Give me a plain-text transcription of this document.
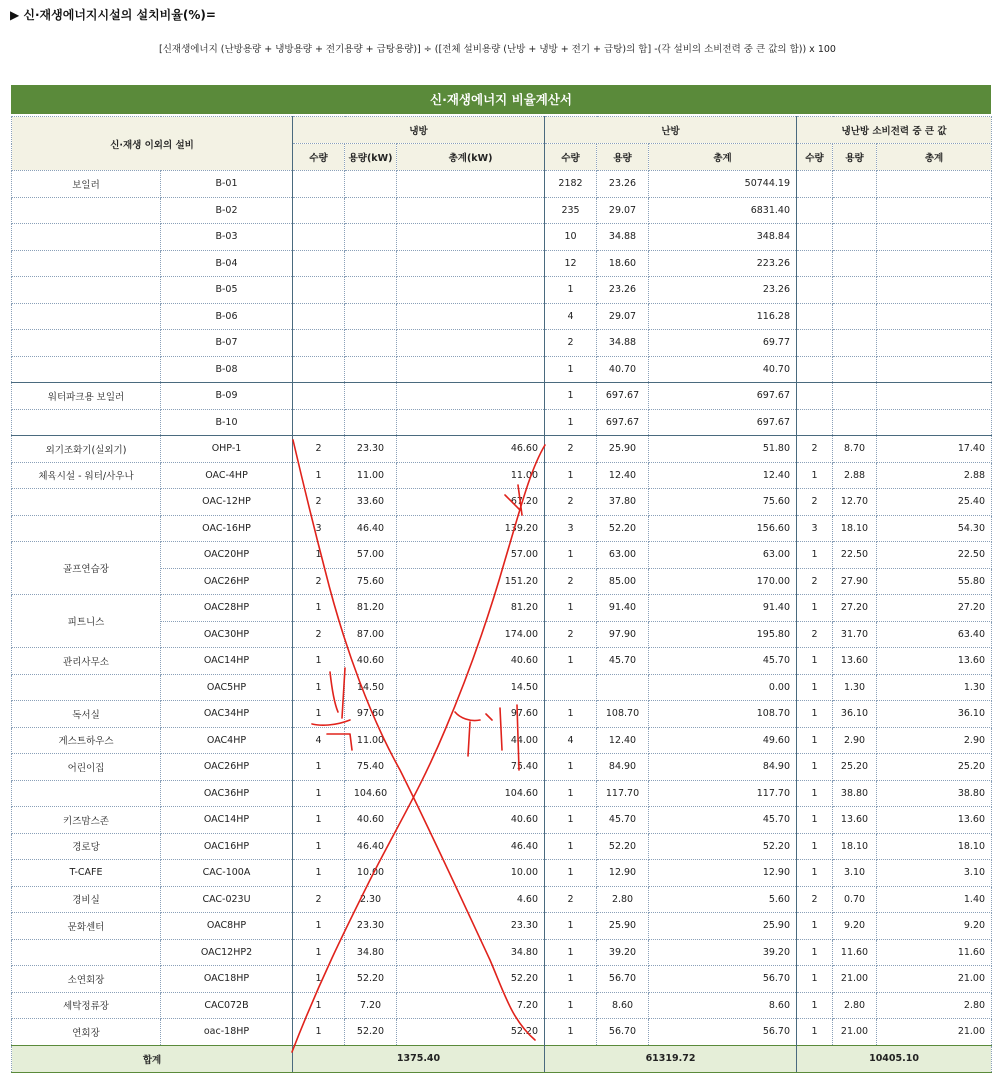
▶ 신·재생에너지시설의 설치비율(%)=
[신재생에너지 (난방용량 + 냉방용량 + 전기용량 + 급탕용량)] ÷ ([전체 설비용량 (난방 + 냉방 + 전기 + 급탕)의 합] -(각 설비의 소비전력 중 큰 값의 합)) x 100
신·재생에너지 비율계산서
신·재생 이외의 설비		냉방			난방			냉난방 소비전력 중 큰 값		
		수량	용량(kW)	총계(kW)	수량	용량	총계	수량	용량	총계
보일러	B-01				2182	23.26	50744.19			
	B-02				235	29.07	6831.40			
	B-03				10	34.88	348.84			
	B-04				12	18.60	223.26			
	B-05				1	23.26	23.26			
	B-06				4	29.07	116.28			
	B-07				2	34.88	69.77			
	B-08				1	40.70	40.70			
워터파크용 보일러	B-09				1	697.67	697.67			
	B-10				1	697.67	697.67			
외기조화기(실외기)	OHP-1	2	23.30	46.60	2	25.90	51.80	2	8.70	17.40
체육시설 - 워터/사우나	OAC-4HP	1	11.00	11.00	1	12.40	12.40	1	2.88	2.88
	OAC-12HP	2	33.60	67.20	2	37.80	75.60	2	12.70	25.40
	OAC-16HP	3	46.40	139.20	3	52.20	156.60	3	18.10	54.30
골프연습장	OAC20HP	1	57.00	57.00	1	63.00	63.00	1	22.50	22.50
	OAC26HP	2	75.60	151.20	2	85.00	170.00	2	27.90	55.80
피트니스	OAC28HP	1	81.20	81.20	1	91.40	91.40	1	27.20	27.20
	OAC30HP	2	87.00	174.00	2	97.90	195.80	2	31.70	63.40
관리사무소	OAC14HP	1	40.60	40.60	1	45.70	45.70	1	13.60	13.60
	OAC5HP	1	14.50	14.50			0.00	1	1.30	1.30
독서실	OAC34HP	1	97.60	97.60	1	108.70	108.70	1	36.10	36.10
게스트하우스	OAC4HP	4	11.00	44.00	4	12.40	49.60	1	2.90	2.90
어린이집	OAC26HP	1	75.40	75.40	1	84.90	84.90	1	25.20	25.20
	OAC36HP	1	104.60	104.60	1	117.70	117.70	1	38.80	38.80
키즈맘스존	OAC14HP	1	40.60	40.60	1	45.70	45.70	1	13.60	13.60
경로당	OAC16HP	1	46.40	46.40	1	52.20	52.20	1	18.10	18.10
T-CAFE	CAC-100A	1	10.00	10.00	1	12.90	12.90	1	3.10	3.10
경비실	CAC-023U	2	2.30	4.60	2	2.80	5.60	2	0.70	1.40
문화센터	OAC8HP	1	23.30	23.30	1	25.90	25.90	1	9.20	9.20
	OAC12HP2	1	34.80	34.80	1	39.20	39.20	1	11.60	11.60
소연회장	OAC18HP	1	52.20	52.20	1	56.70	56.70	1	21.00	21.00
세탁정류장	CAC072B	1	7.20	7.20	1	8.60	8.60	1	2.80	2.80
연회장	oac-18HP	1	52.20	52.20	1	56.70	56.70	1	21.00	21.00
합계		1375.40			61319.72			10405.10		
